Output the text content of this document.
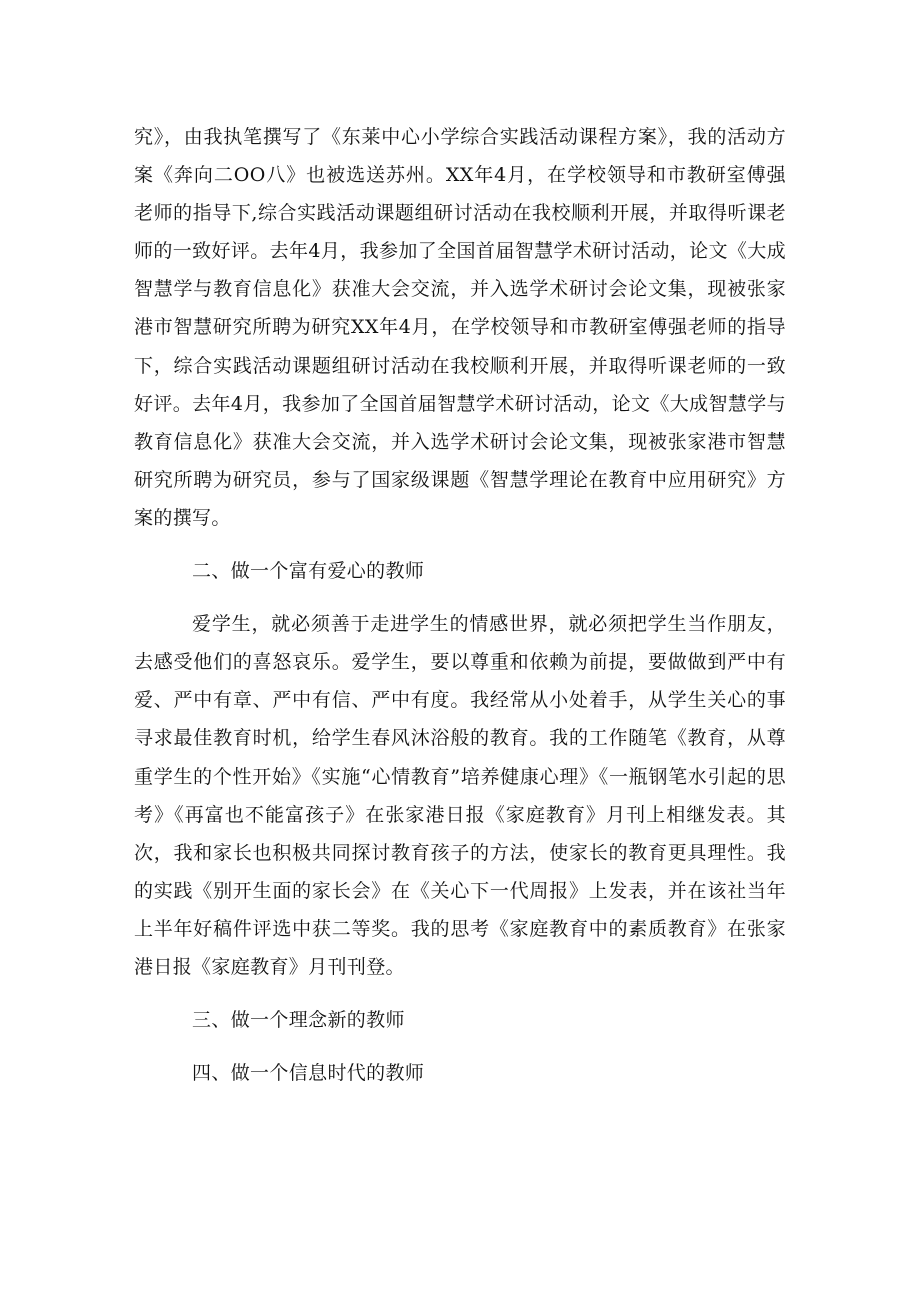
究》，由我执笔撰写了《东莱中心小学综合实践活动课程方案》，我的活动方案《奔向二OO八》也被选送苏州。XX年4月，在学校领导和市教研室傅强老师的指导下,综合实践活动课题组研讨活动在我校顺利开展，并取得听课老师的一致好评。去年4月，我参加了全国首届智慧学术研讨活动，论文《大成智慧学与教育信息化》获准大会交流，并入选学术研讨会论文集，现被张家港市智慧研究所聘为研究XX年4月，在学校领导和市教研室傅强老师的指导下，综合实践活动课题组研讨活动在我校顺利开展，并取得听课老师的一致好评。去年4月，我参加了全国首届智慧学术研讨活动，论文《大成智慧学与教育信息化》获准大会交流，并入选学术研讨会论文集，现被张家港市智慧研究所聘为研究员，参与了国家级课题《智慧学理论在教育中应用研究》方案的撰写。

二、做一个富有爱心的教师

爱学生，就必须善于走进学生的情感世界，就必须把学生当作朋友，去感受他们的喜怒哀乐。爱学生，要以尊重和依赖为前提，要做做到严中有爱、严中有章、严中有信、严中有度。我经常从小处着手，从学生关心的事寻求最佳教育时机，给学生春风沐浴般的教育。我的工作随笔《教育，从尊重学生的个性开始》《实施“心情教育”培养健康心理》《一瓶钢笔水引起的思考》《再富也不能富孩子》在张家港日报《家庭教育》月刊上相继发表。其次，我和家长也积极共同探讨教育孩子的方法，使家长的教育更具理性。我的实践《别开生面的家长会》在《关心下一代周报》上发表，并在该社当年上半年好稿件评选中获二等奖。我的思考《家庭教育中的素质教育》在张家港日报《家庭教育》月刊刊登。

三、做一个理念新的教师

四、做一个信息时代的教师
